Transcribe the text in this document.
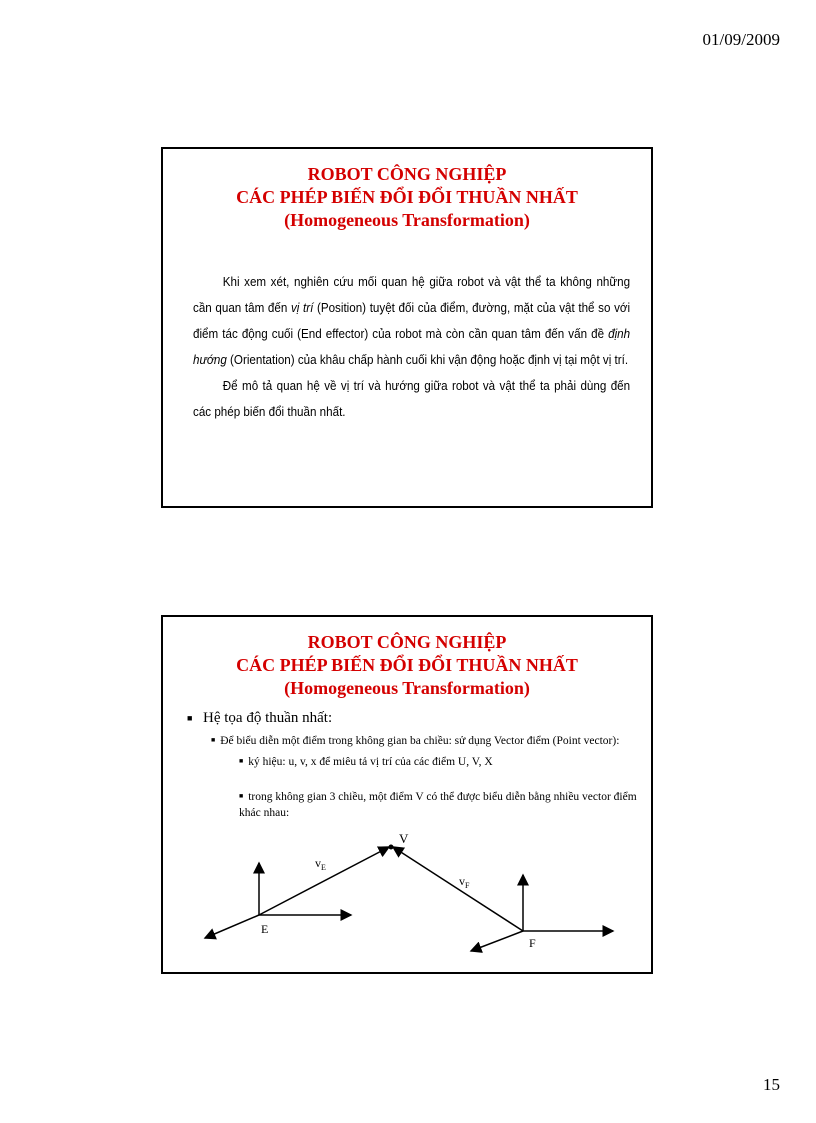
01/09/2009
ROBOT CÔNG NGHIỆP
CÁC PHÉP BIẾN ĐỔI ĐỔI THUẦN NHẤT
(Homogeneous Transformation)

Khi xem xét, nghiên cứu mối quan hệ giữa robot và vật thể ta không những cần quan tâm đến vị trí (Position) tuyệt đối của điểm, đường, mặt của vật thể so với điểm tác động cuối (End effector) của robot mà còn cần quan tâm đến vấn đề định hướng (Orientation) của khâu chấp hành cuối khi vận động hoặc định vị tại một vị trí.

Để mô tả quan hệ về vị trí và hướng giữa robot và vật thể ta phải dùng đến các phép biến đổi thuần nhất.

ROBOT CÔNG NGHIỆP
CÁC PHÉP BIẾN ĐỔI ĐỔI THUẦN NHẤT
(Homogeneous Transformation)
■ Hệ tọa độ thuần nhất:
■ Để biểu diễn một điểm trong không gian ba chiều: sử dụng Vector điểm (Point vector):
■ ký hiệu: u, v, x để miêu tả vị trí của các điểm U, V, X
■ trong không gian 3 chiều, một điểm V có thể được biểu diễn bằng nhiều vector điểm khác nhau:
V
$v_E$
$v_F$
E
F
15
